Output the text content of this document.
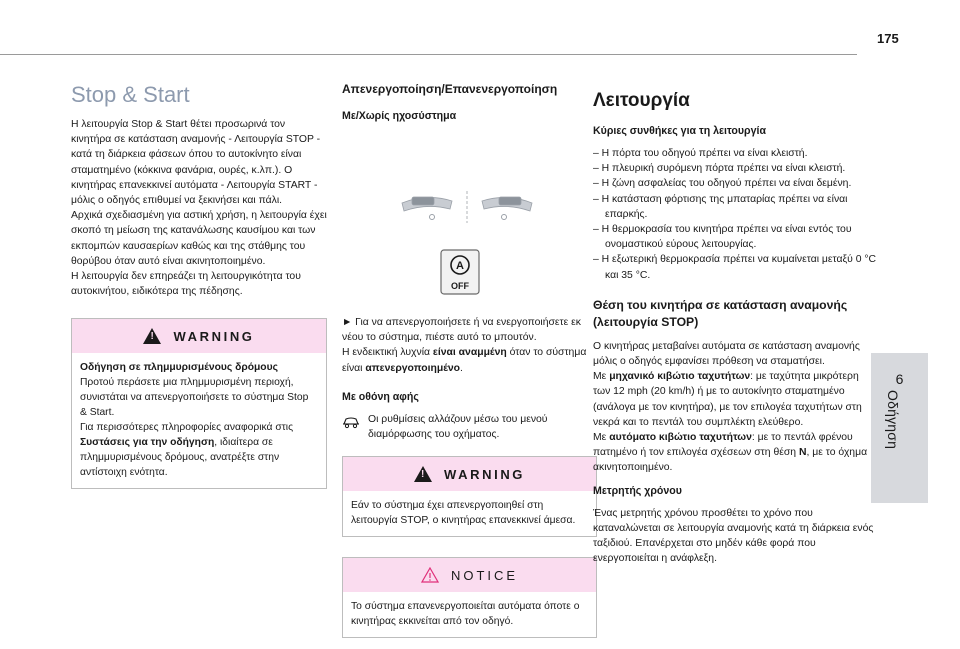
175
6
Οδήγηση
Stop & Start

Η λειτουργία Stop & Start θέτει προσωρινά τον κινητήρα σε κατάσταση αναμονής - Λειτουργία STOP - κατά τη διάρκεια φάσεων όπου το αυτοκίνητο είναι σταματημένο (κόκκινα φανάρια, ουρές, κ.λπ.). Ο κινητήρας επανεκκινεί αυτόματα - Λειτουργία START - μόλις ο οδηγός επιθυμεί να ξεκινήσει και πάλι.

Αρχικά σχεδιασμένη για αστική χρήση, η λειτουργία έχει σκοπό τη μείωση της κατανάλωσης καυσίμου και των εκπομπών καυσαερίων καθώς και της στάθμης του θορύβου όταν αυτό είναι ακινητοποιημένο.

Η λειτουργία δεν επηρεάζει τη λειτουργικότητα του αυτοκινήτου, ειδικότερα της πέδησης.

! WARNING

Οδήγηση σε πλημμυρισμένους δρόμους

Προτού περάσετε μια πλημμυρισμένη περιοχή, συνιστάται να απενεργοποιήσετε το σύστημα Stop & Start.

Για περισσότερες πληροφορίες αναφορικά στις Συστάσεις για την οδήγηση, ιδιαίτερα σε πλημμυρισμένους δρόμους, ανατρέξτε στην αντίστοιχη ενότητα.

Απενεργοποίηση/Επανενεργοποίηση

Με/Χωρίς ηχοσύστημα

A
OFF

► Για να απενεργοποιήσετε ή να ενεργοποιήσετε εκ νέου το σύστημα, πιέστε αυτό το μπουτόν.

Η ενδεικτική λυχνία είναι αναμμένη όταν το σύστημα είναι απενεργοποιημένο.

Με οθόνη αφής

Οι ρυθμίσεις αλλάζουν μέσω του μενού διαμόρφωσης του οχήματος.

! WARNING

Εάν το σύστημα έχει απενεργοποιηθεί στη λειτουργία STOP, ο κινητήρας επανεκκινεί άμεσα.

NOTICE

Το σύστημα επανενεργοποιείται αυτόματα όποτε ο κινητήρας εκκινείται από τον οδηγό.

Λειτουργία

Κύριες συνθήκες για τη λειτουργία

– Η πόρτα του οδηγού πρέπει να είναι κλειστή.

– Η πλευρική συρόμενη πόρτα πρέπει να είναι κλειστή.

– Η ζώνη ασφαλείας του οδηγού πρέπει να είναι δεμένη.

– Η κατάσταση φόρτισης της μπαταρίας πρέπει να είναι επαρκής.

– Η θερμοκρασία του κινητήρα πρέπει να είναι εντός του ονομαστικού εύρους λειτουργίας.

– Η εξωτερική θερμοκρασία πρέπει να κυμαίνεται μεταξύ 0 °C και 35 °C.

Θέση του κινητήρα σε κατάσταση αναμονής (λειτουργία STOP)

Ο κινητήρας μεταβαίνει αυτόματα σε κατάσταση αναμονής μόλις ο οδηγός εμφανίσει πρόθεση να σταματήσει.

Με μηχανικό κιβώτιο ταχυτήτων: με ταχύτητα μικρότερη των 12 mph (20 km/h) ή με το αυτοκίνητο σταματημένο (ανάλογα με τον κινητήρα), με τον επιλογέα ταχυτήτων στη νεκρά και το πεντάλ του συμπλέκτη ελεύθερο.

Με αυτόματο κιβώτιο ταχυτήτων: με το πεντάλ φρένου πατημένο ή τον επιλογέα σχέσεων στη θέση N, με το όχημα ακινητοποιημένο.

Μετρητής χρόνου

Ένας μετρητής χρόνου προσθέτει το χρόνο που καταναλώνεται σε λειτουργία αναμονής κατά τη διάρκεια ενός ταξιδιού. Επανέρχεται στο μηδέν κάθε φορά που ενεργοποιείται η ανάφλεξη.
